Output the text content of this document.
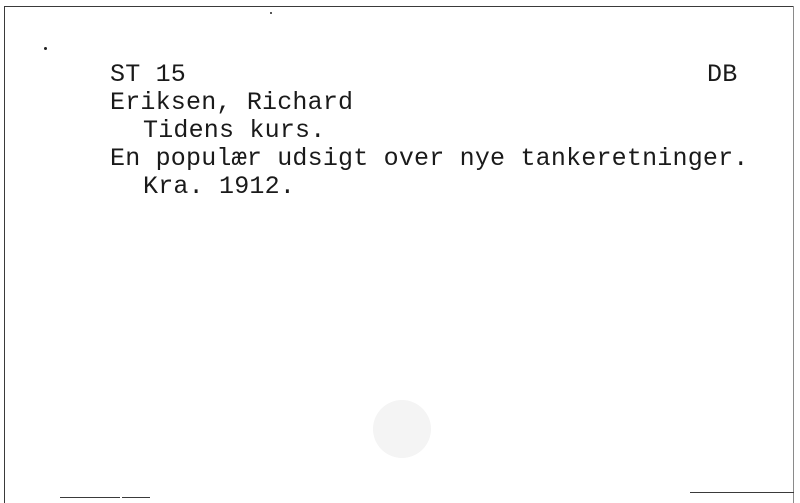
ST 15	DB
Eriksen, Richard
Tidens kurs.
En populær udsigt over nye tankeretninger.
Kra. 1912.
